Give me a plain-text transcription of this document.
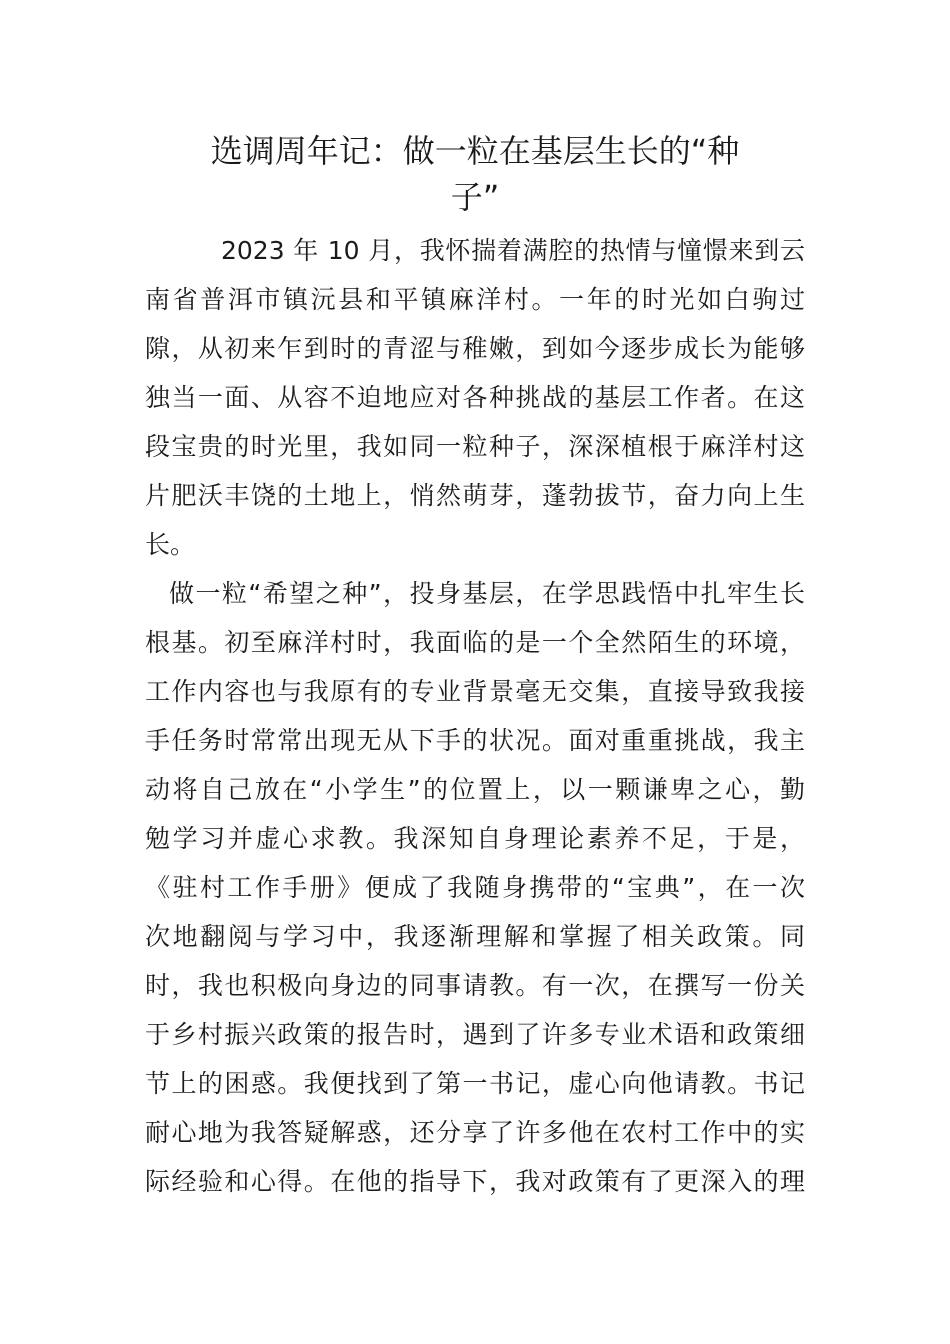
选调周年记：做一粒在基层生长的“种
子”
2023 年 10 月，我怀揣着满腔的热情与憧憬来到云
南省普洱市镇沅县和平镇麻洋村。一年的时光如白驹过
隙，从初来乍到时的青涩与稚嫩，到如今逐步成长为能够
独当一面、从容不迫地应对各种挑战的基层工作者。在这
段宝贵的时光里，我如同一粒种子，深深植根于麻洋村这
片肥沃丰饶的土地上，悄然萌芽，蓬勃拔节，奋力向上生
长。
做一粒“希望之种”，投身基层，在学思践悟中扎牢生长
根基。初至麻洋村时，我面临的是一个全然陌生的环境，
工作内容也与我原有的专业背景毫无交集，直接导致我接
手任务时常常出现无从下手的状况。面对重重挑战，我主
动将自己放在“小学生”的位置上，以一颗谦卑之心，勤
勉学习并虚心求教。我深知自身理论素养不足，于是，
《驻村工作手册》便成了我随身携带的“宝典”，在一次
次地翻阅与学习中，我逐渐理解和掌握了相关政策。同
时，我也积极向身边的同事请教。有一次，在撰写一份关
于乡村振兴政策的报告时，遇到了许多专业术语和政策细
节上的困惑。我便找到了第一书记，虚心向他请教。书记
耐心地为我答疑解惑，还分享了许多他在农村工作中的实
际经验和心得。在他的指导下，我对政策有了更深入的理
